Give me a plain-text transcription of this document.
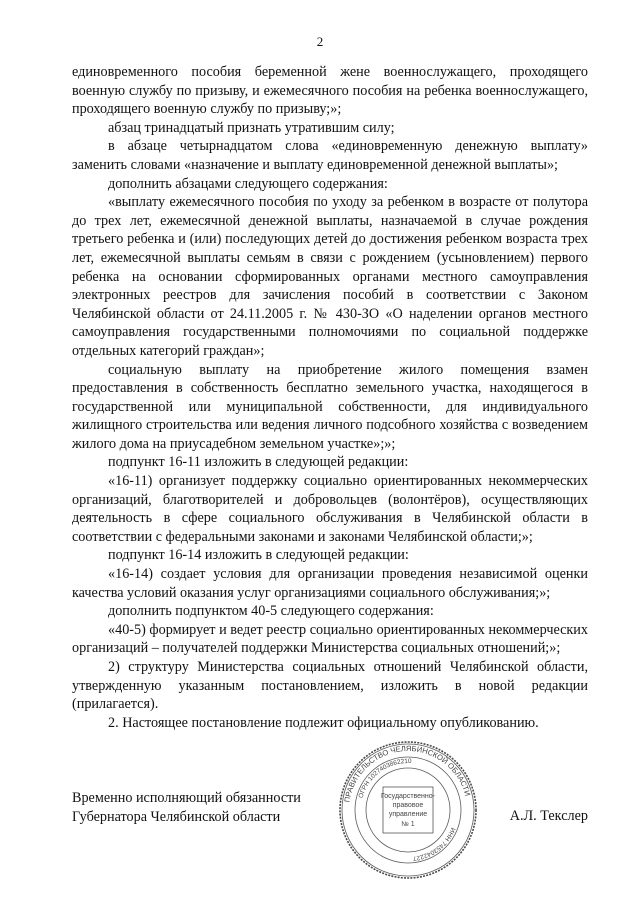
2

единовременного пособия беременной жене военнослужащего, проходящего военную службу по призыву, и ежемесячного пособия на ребенка военнослужащего, проходящего военную службу по призыву;»;

абзац тринадцатый признать утратившим силу;

в абзаце четырнадцатом слова «единовременную денежную выплату» заменить словами «назначение и выплату единовременной денежной выплаты»;

дополнить абзацами следующего содержания:

«выплату ежемесячного пособия по уходу за ребенком в возрасте от полутора до трех лет, ежемесячной денежной выплаты, назначаемой в случае рождения третьего ребенка и (или) последующих детей до достижения ребенком возраста трех лет, ежемесячной выплаты семьям в связи с рождением (усыновлением) первого ребенка на основании сформированных органами местного самоуправления электронных реестров для зачисления пособий в соответствии с Законом Челябинской области от 24.11.2005 г. № 430-ЗО «О наделении органов местного самоуправления государственными полномочиями по социальной поддержке отдельных категорий граждан»;

социальную выплату на приобретение жилого помещения взамен предоставления в собственность бесплатно земельного участка, находящегося в государственной или муниципальной собственности, для индивидуального жилищного строительства или ведения личного подсобного хозяйства с возведением жилого дома на приусадебном земельном участке»;»;

подпункт 16-11 изложить в следующей редакции:

«16-11) организует поддержку социально ориентированных некоммерческих организаций, благотворителей и добровольцев (волонтёров), осуществляющих деятельность в сфере социального обслуживания в Челябинской области в соответствии с федеральными законами и законами Челябинской области;»;

подпункт 16-14 изложить в следующей редакции:

«16-14) создает условия для организации проведения независимой оценки качества условий оказания услуг организациями социального обслуживания;»;

дополнить подпунктом 40-5 следующего содержания:

«40-5) формирует и ведет реестр социально ориентированных некоммерческих организаций – получателей поддержки Министерства социальных отношений;»;

2) структуру Министерства социальных отношений Челябинской области, утвержденную указанным постановлением, изложить в новой редакции (прилагается).

2. Настоящее постановление подлежит официальному опубликованию.

Временно исполняющий обязанности
Губернатора Челябинской области
ПРАВИТЕЛЬСТВО ЧЕЛЯБИНСКОЙ ОБЛАСТИ
ОГРН 1027403862210
ИНН 7453042227
Государственно-
правовое
управление
№ 1
А.Л. Текслер
